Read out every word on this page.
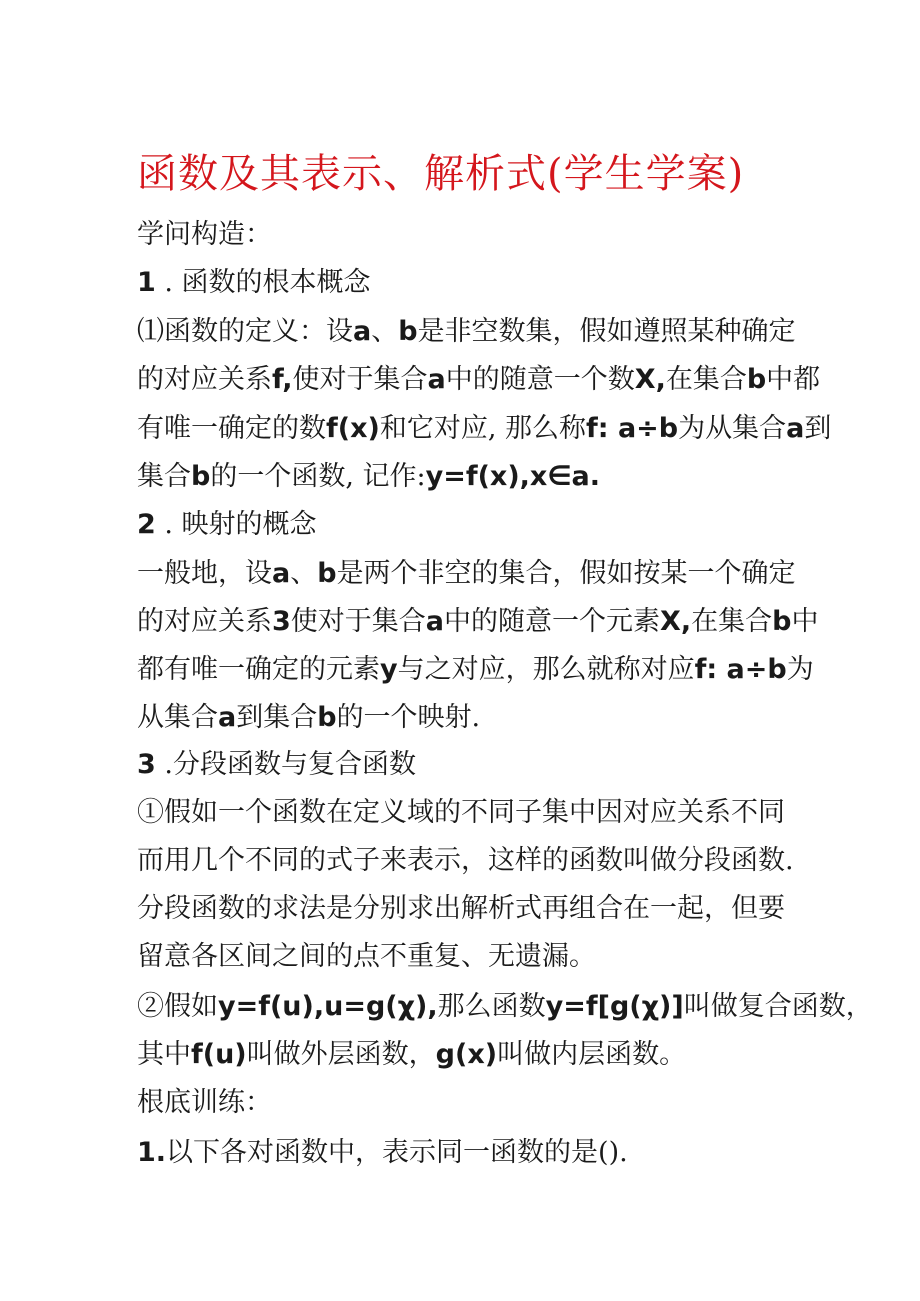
函数及其表示、解析式(学生学案)
学问构造：
1 . 函数的根本概念
⑴函数的定义：设a、b是非空数集，假如遵照某种确定
的对应关系f,使对于集合a中的随意一个数X,在集合b中都
有唯一确定的数f(x)和它对应, 那么称f: a÷b为从集合a到
集合b的一个函数, 记作:y=f(x),x∈a.
2 . 映射的概念
一般地，设a、b是两个非空的集合，假如按某一个确定
的对应关系3使对于集合a中的随意一个元素X,在集合b中
都有唯一确定的元素y与之对应，那么就称对应f: a÷b为
从集合a到集合b的一个映射.
3 .分段函数与复合函数
①假如一个函数在定义域的不同子集中因对应关系不同
而用几个不同的式子来表示，这样的函数叫做分段函数.
分段函数的求法是分别求出解析式再组合在一起，但要
留意各区间之间的点不重复、无遗漏。
②假如y=f(u),u=g(χ),那么函数y=f[g(χ)]叫做复合函数，
其中f(u)叫做外层函数，g(x)叫做内层函数。
根底训练：
1.以下各对函数中，表示同一函数的是().
